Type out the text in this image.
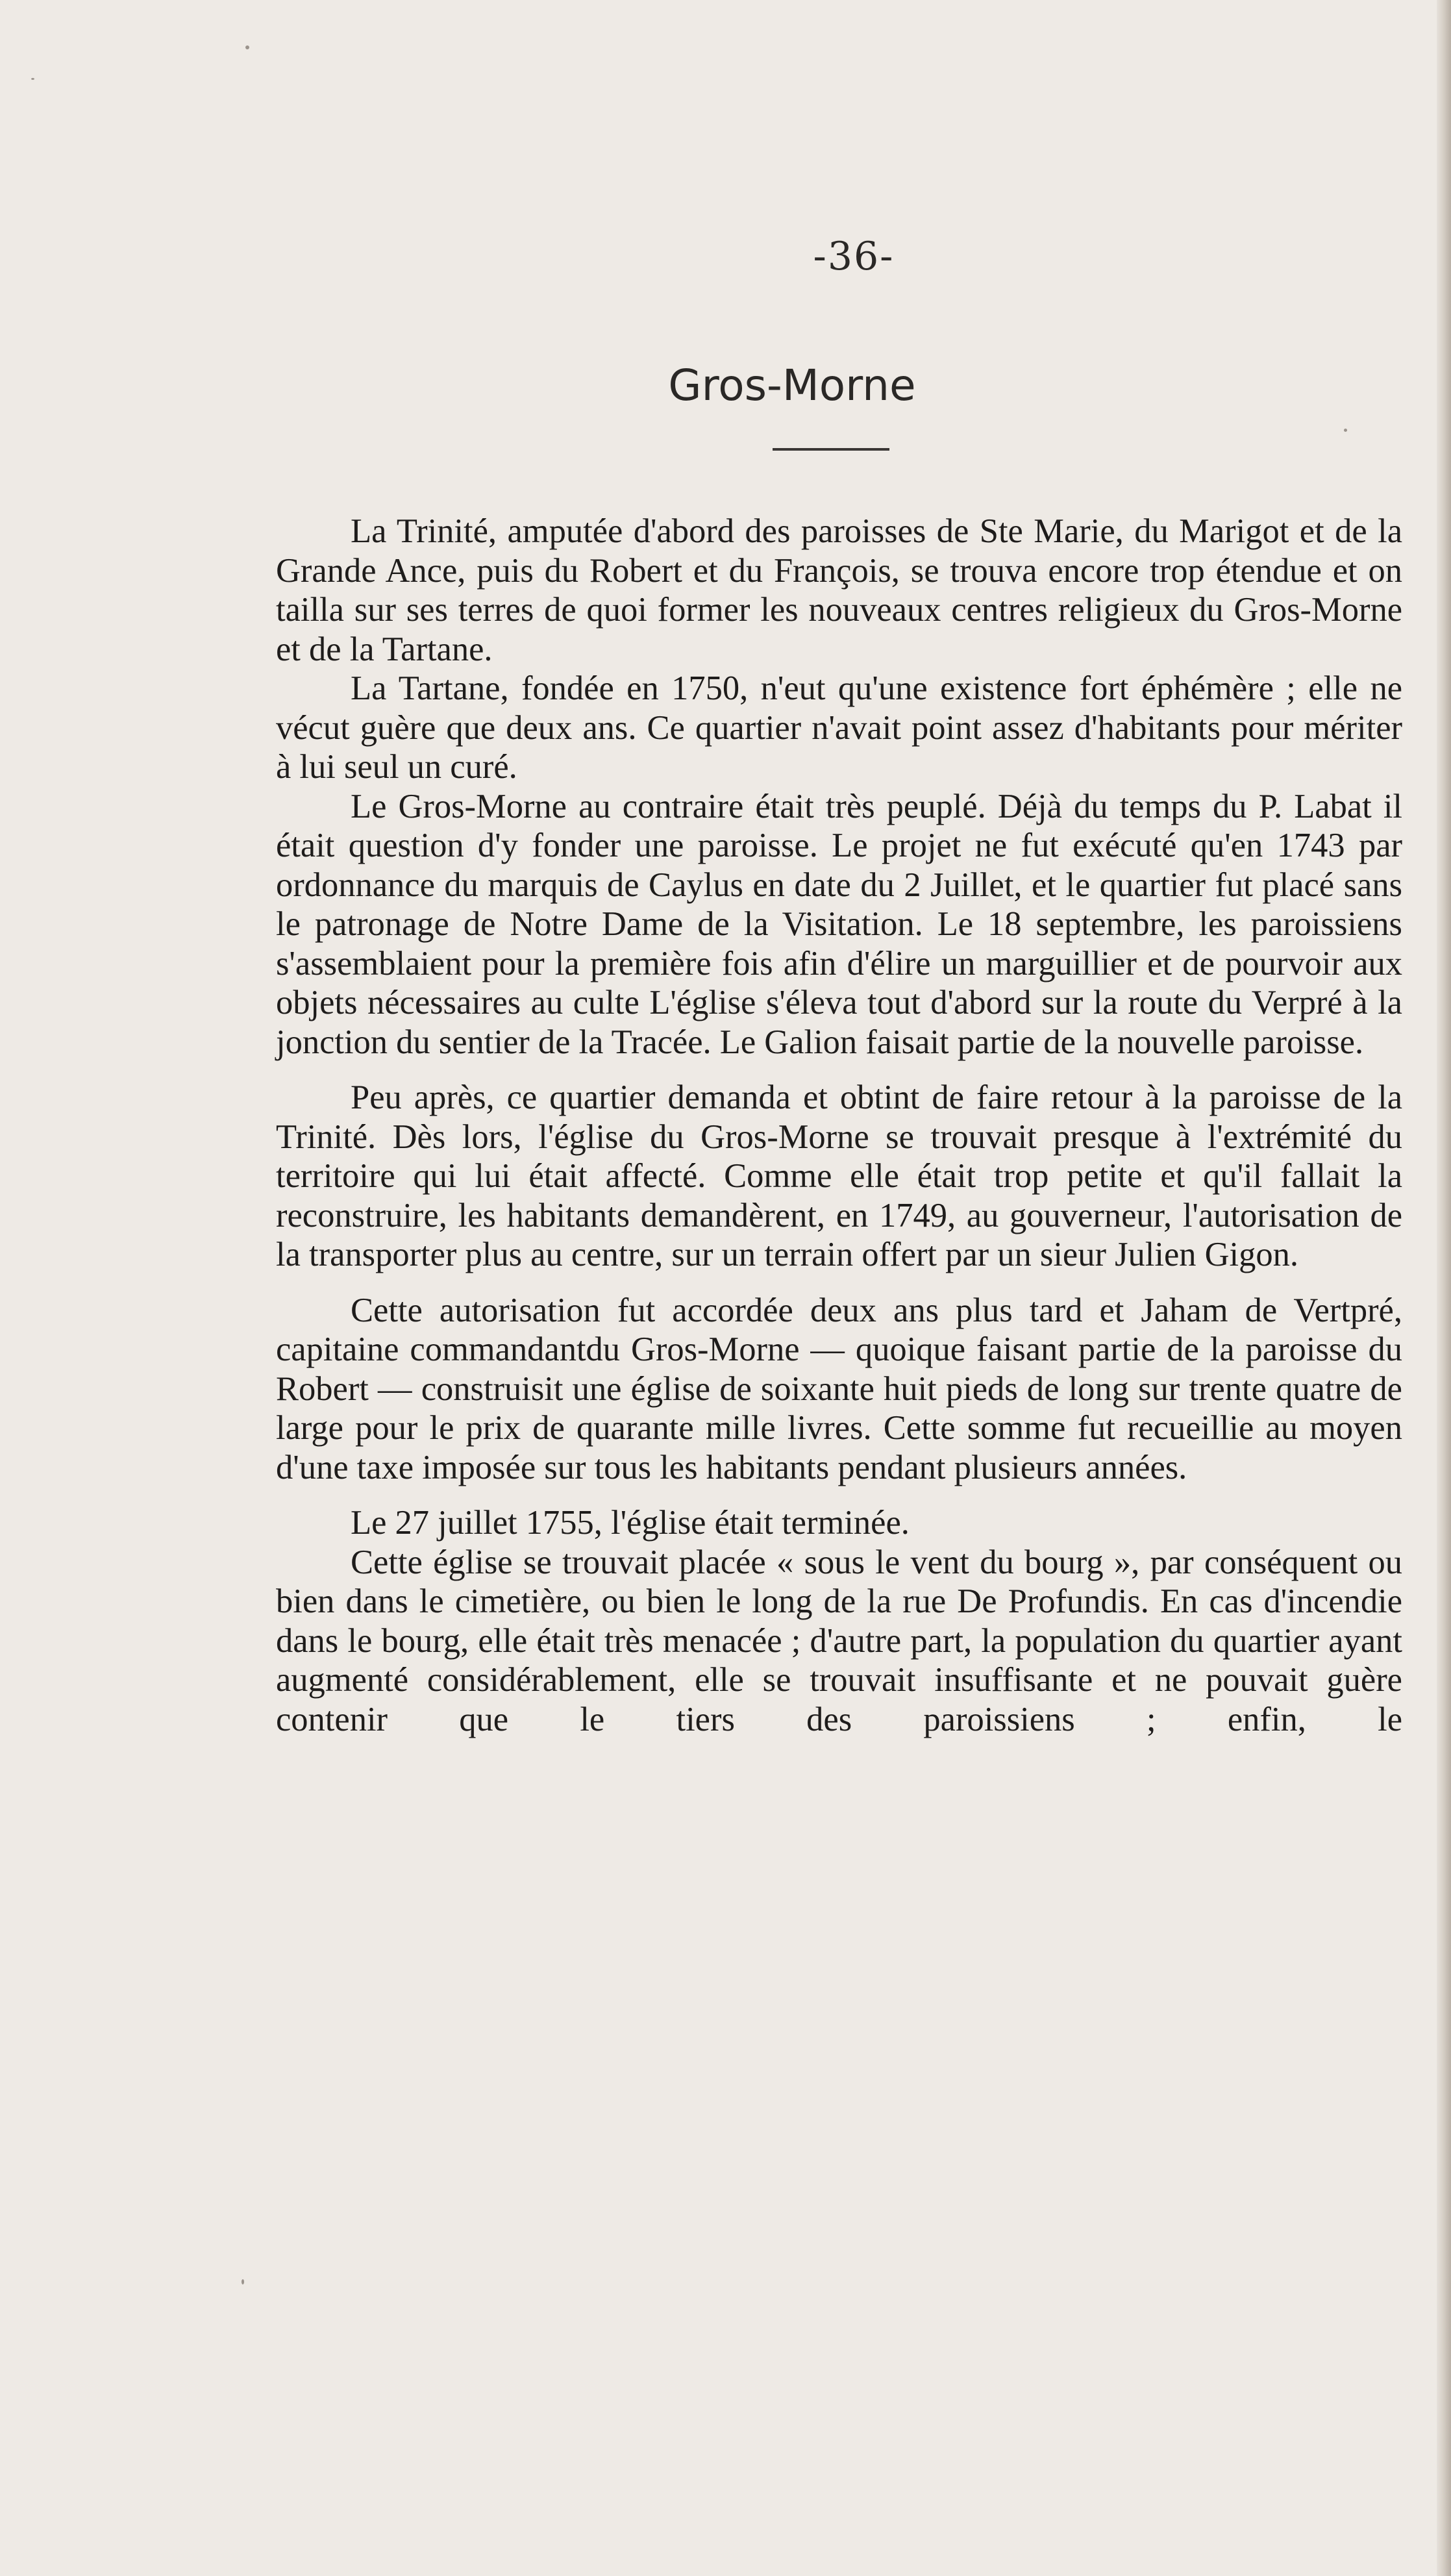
-36-
Gros-Morne

La Trinité, amputée d'abord des paroisses de Ste Marie, du Marigot et de la Grande Ance, puis du Robert et du François, se trouva encore trop étendue et on tailla sur ses terres de quoi former les nouveaux centres religieux du Gros-Morne et de la Tartane.

La Tartane, fondée en 1750, n'eut qu'une existence fort éphémère ; elle ne vécut guère que deux ans. Ce quartier n'avait point assez d'habitants pour mériter à lui seul un curé.

Le Gros-Morne au contraire était très peuplé. Déjà du temps du P. Labat il était question d'y fonder une paroisse. Le projet ne fut exécuté qu'en 1743 par ordonnance du marquis de Caylus en date du 2 Juillet, et le quartier fut placé sans le patronage de Notre Dame de la Visitation. Le 18 septembre, les paroissiens s'assemblaient pour la première fois afin d'élire un marguillier et de pourvoir aux objets nécessaires au culte L'église s'éleva tout d'abord sur la route du Verpré à la jonction du sentier de la Tracée. Le Galion faisait partie de la nouvelle paroisse.

Peu après, ce quartier demanda et obtint de faire retour à la paroisse de la Trinité. Dès lors, l'église du Gros-Morne se trouvait presque à l'extrémité du territoire qui lui était affecté. Comme elle était trop petite et qu'il fallait la reconstruire, les habitants demandèrent, en 1749, au gouverneur, l'autorisation de la transporter plus au centre, sur un terrain offert par un sieur Julien Gigon.

Cette autorisation fut accordée deux ans plus tard et Jaham de Vertpré, capitaine commandantdu Gros-Morne — quoique faisant partie de la paroisse du Robert — construisit une église de soixante huit pieds de long sur trente quatre de large pour le prix de quarante mille livres. Cette somme fut recueillie au moyen d'une taxe imposée sur tous les habitants pendant plusieurs années.

Le 27 juillet 1755, l'église était terminée.

Cette église se trouvait placée « sous le vent du bourg », par conséquent ou bien dans le cimetière, ou bien le long de la rue De Profundis. En cas d'incendie dans le bourg, elle était très menacée ; d'autre part, la population du quartier ayant augmenté considérablement, elle se trouvait insuffisante et ne pouvait guère contenir que le tiers des paroissiens ; enfin, le
